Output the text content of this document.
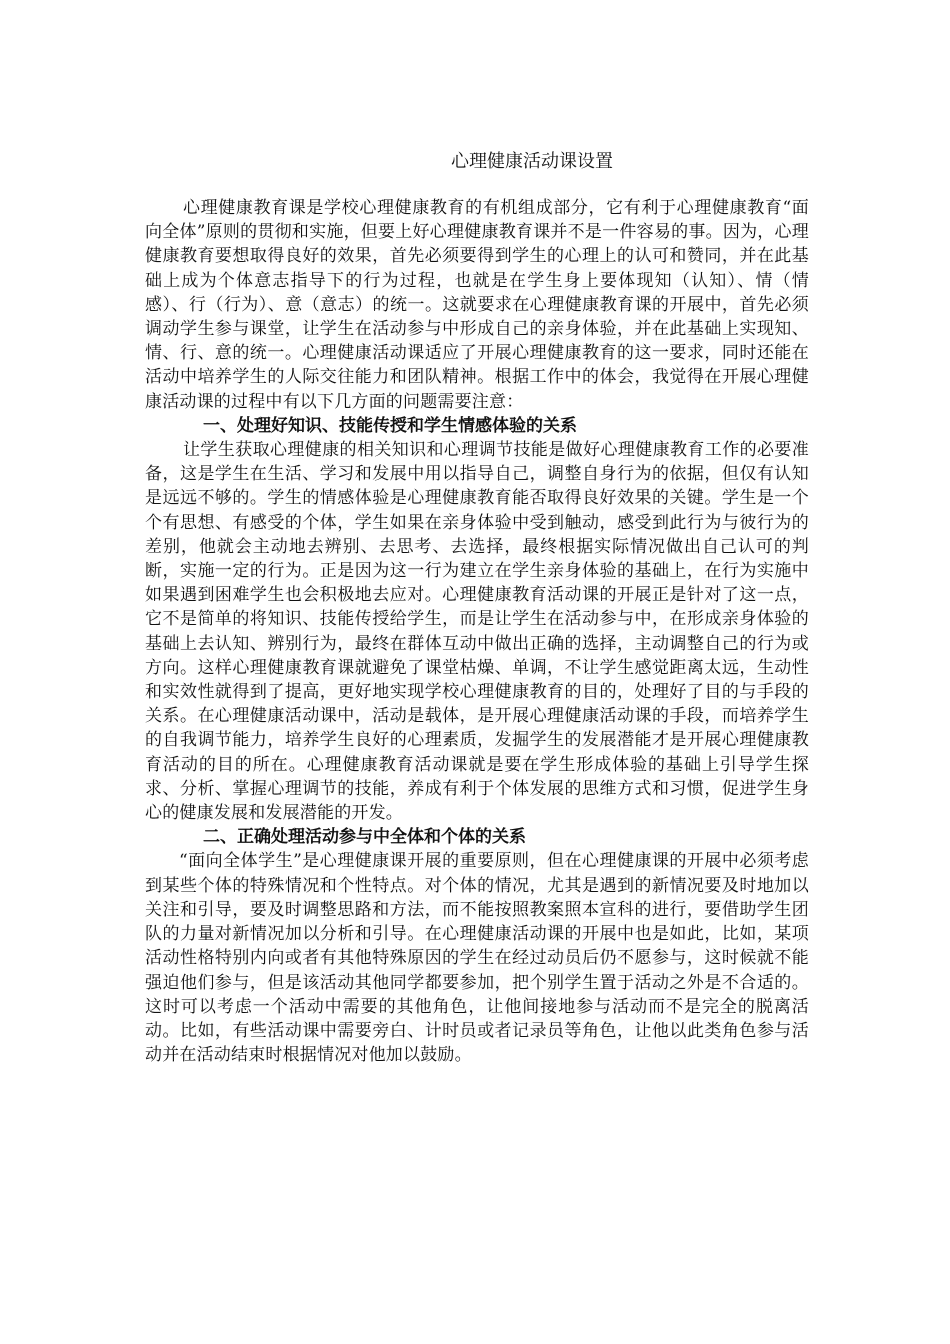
心理健康活动课设置

心理健康教育课是学校心理健康教育的有机组成部分，它有利于心理健康教育“面向全体”原则的贯彻和实施，但要上好心理健康教育课并不是一件容易的事。因为，心理健康教育要想取得良好的效果，首先必须要得到学生的心理上的认可和赞同，并在此基础上成为个体意志指导下的行为过程，也就是在学生身上要体现知（认知）、情（情感）、行（行为）、意（意志）的统一。这就要求在心理健康教育课的开展中，首先必须调动学生参与课堂，让学生在活动参与中形成自己的亲身体验，并在此基础上实现知、情、行、意的统一。心理健康活动课适应了开展心理健康教育的这一要求，同时还能在活动中培养学生的人际交往能力和团队精神。根据工作中的体会，我觉得在开展心理健康活动课的过程中有以下几方面的问题需要注意：

一、处理好知识、技能传授和学生情感体验的关系

让学生获取心理健康的相关知识和心理调节技能是做好心理健康教育工作的必要准备，这是学生在生活、学习和发展中用以指导自己，调整自身行为的依据，但仅有认知是远远不够的。学生的情感体验是心理健康教育能否取得良好效果的关键。学生是一个个有思想、有感受的个体，学生如果在亲身体验中受到触动，感受到此行为与彼行为的差别，他就会主动地去辨别、去思考、去选择，最终根据实际情况做出自己认可的判断，实施一定的行为。正是因为这一行为建立在学生亲身体验的基础上，在行为实施中如果遇到困难学生也会积极地去应对。心理健康教育活动课的开展正是针对了这一点，它不是简单的将知识、技能传授给学生，而是让学生在活动参与中，在形成亲身体验的基础上去认知、辨别行为，最终在群体互动中做出正确的选择，主动调整自己的行为或方向。这样心理健康教育课就避免了课堂枯燥、单调，不让学生感觉距离太远，生动性和实效性就得到了提高，更好地实现学校心理健康教育的目的，处理好了目的与手段的关系。在心理健康活动课中，活动是载体，是开展心理健康活动课的手段，而培养学生的自我调节能力，培养学生良好的心理素质，发掘学生的发展潜能才是开展心理健康教育活动的目的所在。心理健康教育活动课就是要在学生形成体验的基础上引导学生探求、分析、掌握心理调节的技能，养成有利于个体发展的思维方式和习惯，促进学生身心的健康发展和发展潜能的开发。

二、正确处理活动参与中全体和个体的关系

“面向全体学生”是心理健康课开展的重要原则，但在心理健康课的开展中必须考虑到某些个体的特殊情况和个性特点。对个体的情况，尤其是遇到的新情况要及时地加以关注和引导，要及时调整思路和方法，而不能按照教案照本宣科的进行，要借助学生团队的力量对新情况加以分析和引导。在心理健康活动课的开展中也是如此，比如，某项活动性格特别内向或者有其他特殊原因的学生在经过动员后仍不愿参与，这时候就不能强迫他们参与，但是该活动其他同学都要参加，把个别学生置于活动之外是不合适的。这时可以考虑一个活动中需要的其他角色，让他间接地参与活动而不是完全的脱离活动。比如，有些活动课中需要旁白、计时员或者记录员等角色，让他以此类角色参与活动并在活动结束时根据情况对他加以鼓励。
